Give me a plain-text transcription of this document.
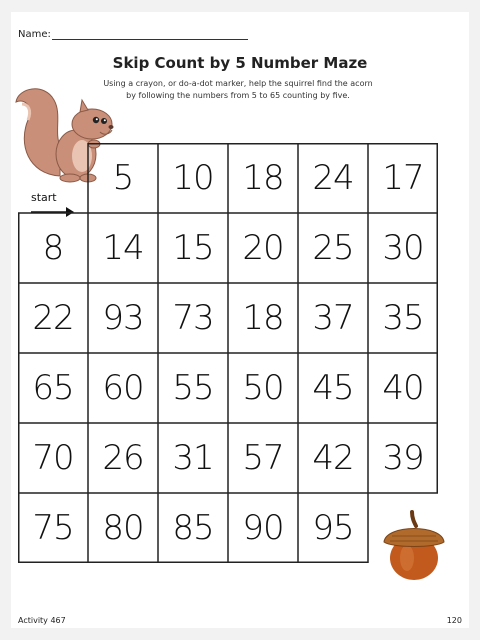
Name:
Skip Count by 5 Number Maze
Using a crayon, or do-a-dot marker, help the squirrel find the acorn
by following the numbers from 5 to 65 counting by five.
start	5	10 18 24 17
8	14 15 20 25 30
22 93 73 18 37 35
65 60 55 50 45 40
70 26 31 57 42 39
75 80 85 90 95
Activity 467	120
